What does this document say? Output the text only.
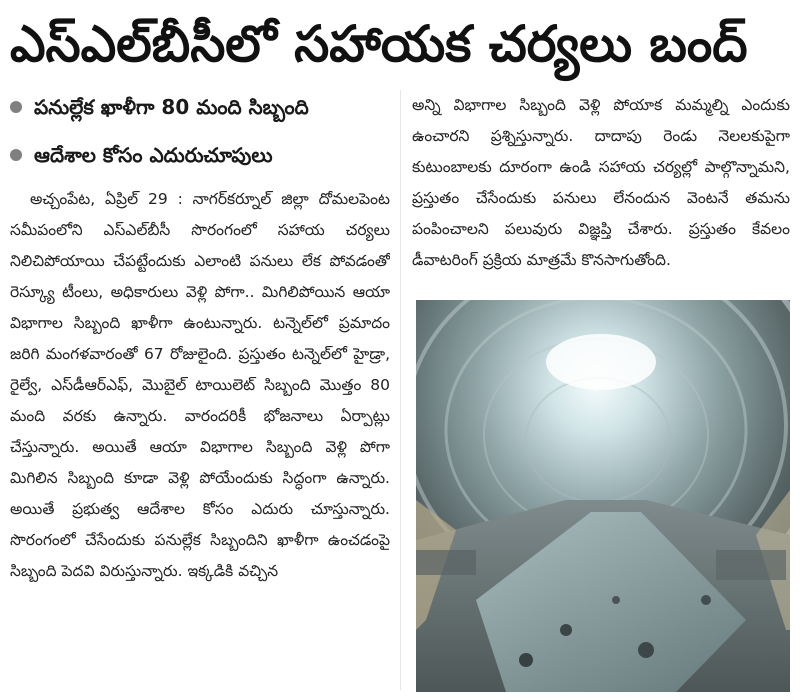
ఎస్‌ఎల్‌బీసీలో సహాయక చర్యలు బంద్
పనుల్లేక ఖాళీగా 80 మంది సిబ్బంది
ఆదేశాల కోసం ఎదురుచూపులు
అచ్చంపేట, ఏప్రిల్‌ 29 : నాగర్‌కర్నూల్‌ జిల్లా దోమలపెంట సమీపంలోని ఎస్‌ఎల్‌బీసీ సొరంగంలో సహాయ చర్యలు నిలిచిపోయాయి చేపట్టేందుకు ఎలాంటి పనులు లేక పోవడంతో రెస్క్యూ టీంలు, అధికారులు వెళ్లి పోగా.. మిగిలిపోయిన ఆయా విభాగాల సిబ్బంది ఖాళీగా ఉంటున్నారు. టన్నెల్‌లో ప్రమాదం జరిగి మంగళవారంతో 67 రోజులైంది. ప్రస్తుతం టన్నెల్‌లో హైడ్రా, రైల్వే, ఎస్‌డీఆర్‌ఎఫ్‌, మొబైల్‌ టాయిలెట్‌ సిబ్బంది మొత్తం 80 మంది వరకు ఉన్నారు. వారందరికీ భోజనాలు ఏర్పాట్లు చేస్తున్నారు. అయితే ఆయా విభాగాల సిబ్బంది వెళ్లి పోగా మిగిలిన సిబ్బంది కూడా వెళ్లి పోయేందుకు సిద్ధంగా ఉన్నారు. అయితే ప్రభుత్వ ఆదేశాల కోసం ఎదురు చూస్తున్నారు. సొరంగంలో చేసేందుకు పనుల్లేక సిబ్బందిని ఖాళీగా ఉంచడంపై సిబ్బంది పెదవి విరుస్తున్నారు. ఇక్కడికి వచ్చిన
అన్ని విభాగాల సిబ్బంది వెళ్లి పోయాక మమ్మల్ని ఎందుకు ఉంచారని ప్రశ్నిస్తున్నారు. దాదాపు రెండు నెలలకుపైగా కుటుంబాలకు దూరంగా ఉండి సహాయ చర్యల్లో పాల్గొన్నామని, ప్రస్తుతం చేసేందుకు పనులు లేనందున వెంటనే తమను పంపించాలని పలువురు విజ్ఞప్తి చేశారు. ప్రస్తుతం కేవలం డీవాటరింగ్‌ ప్రక్రియ మాత్రమే కొనసాగుతోంది.
